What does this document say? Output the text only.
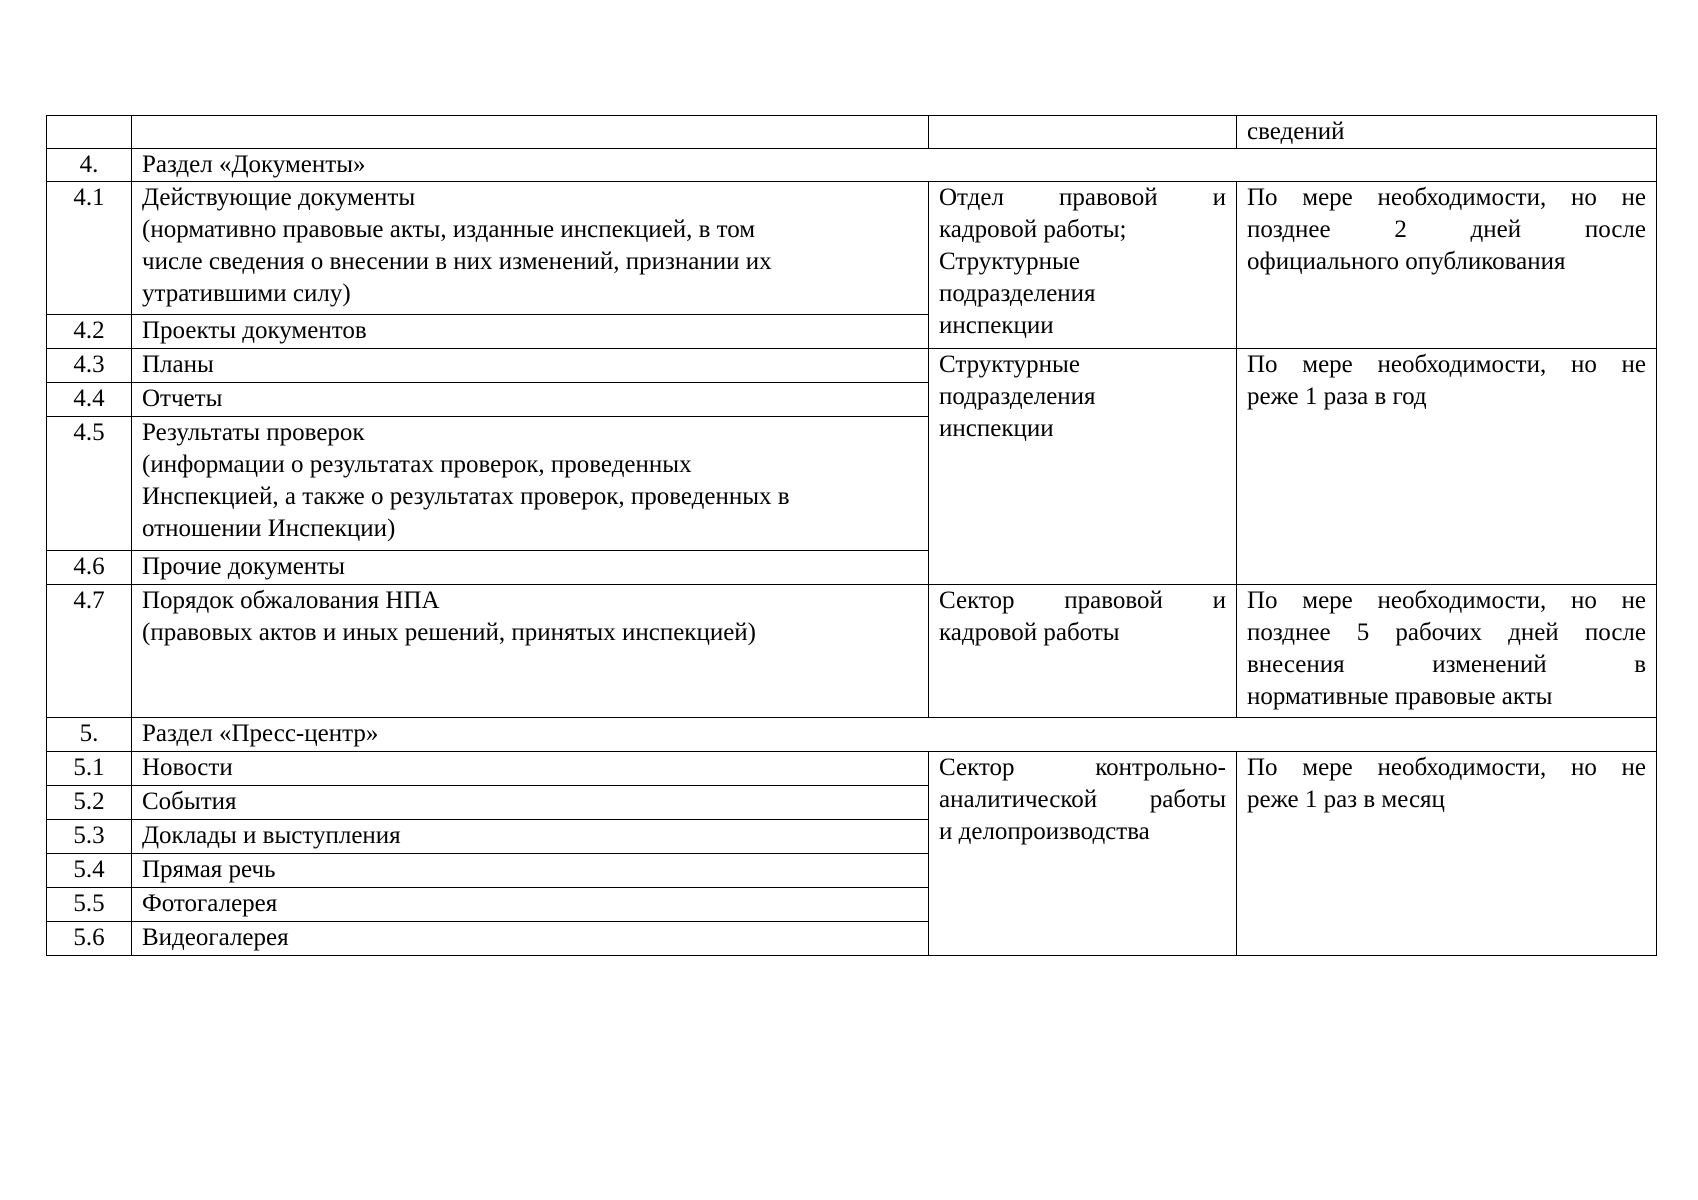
			сведений
4.	Раздел «Документы»		
4.1	Действующие документы
(нормативно правовые акты, изданные инспекцией, в том
числе сведения о внесении в них изменений, признании их
утратившими силу)	Отдел правовой и
кадровой работы;
Структурные
подразделения
инспекции	По мере необходимости, но не
позднее 2 дней после
официального опубликования

4.2	Проекты документов		
4.3	Планы	Структурные
подразделения
инспекции	По мере необходимости, но не
реже 1 раза в год

4.4	Отчеты		
4.5	Результаты проверок
(информации о результатах проверок, проведенных
Инспекцией, а также о результатах проверок, проведенных в
отношении Инспекции)		

4.6	Прочие документы		
4.7	Порядок обжалования НПА
(правовых актов и иных решений, принятых инспекцией)	Сектор правовой и
кадровой работы	По мере необходимости, но не
позднее 5 рабочих дней после
внесения изменений в
нормативные правовые акты

5.	Раздел «Пресс-центр»		
5.1	Новости	Сектор контрольно-
аналитической работы
и делопроизводства	По мере необходимости, но не
реже 1 раз в месяц

5.2	События		
5.3	Доклады и выступления		
5.4	Прямая речь		
5.5	Фотогалерея		
5.6	Видеогалерея		
